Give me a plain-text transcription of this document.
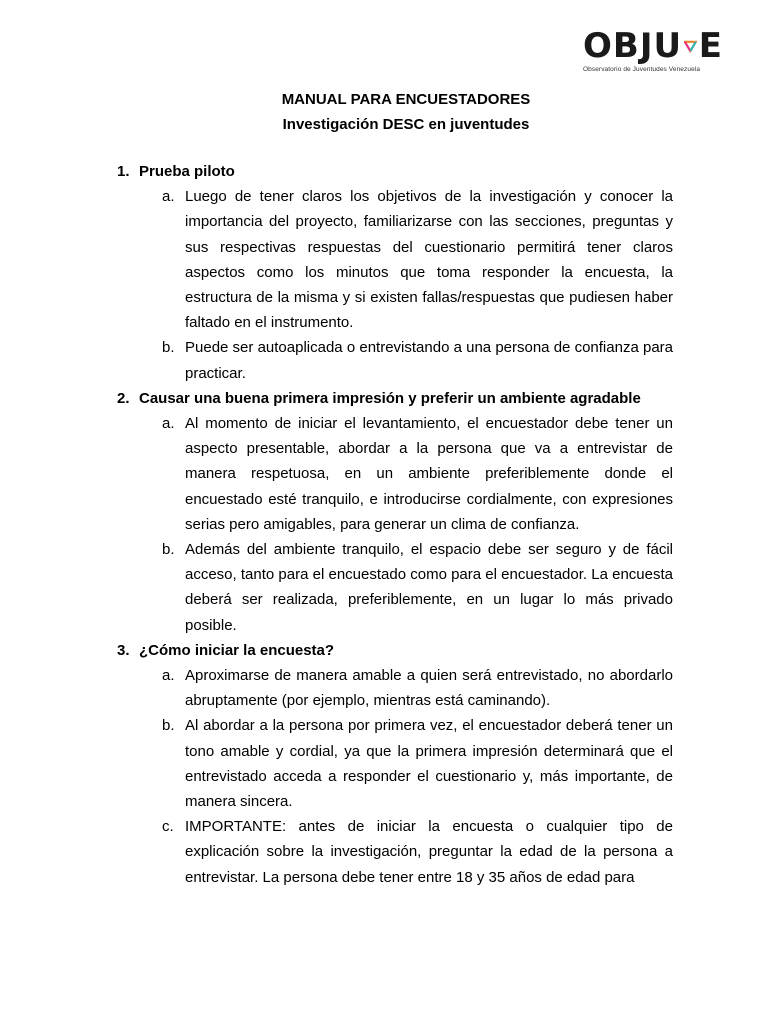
OBJU E
Observatorio de Juventudes Venezuela
MANUAL PARA ENCUESTADORES
Investigación DESC en juventudes
1. Prueba piloto
a. Luego de tener claros los objetivos de la investigación y conocer la importancia del proyecto, familiarizarse con las secciones, preguntas y sus respectivas respuestas del cuestionario permitirá tener claros aspectos como los minutos que toma responder la encuesta, la estructura de la misma y si existen fallas/respuestas que pudiesen haber faltado en el instrumento.
b. Puede ser autoaplicada o entrevistando a una persona de confianza para practicar.
2. Causar una buena primera impresión y preferir un ambiente agradable
a. Al momento de iniciar el levantamiento, el encuestador debe tener un aspecto presentable, abordar a la persona que va a entrevistar de manera respetuosa, en un ambiente preferiblemente donde el encuestado esté tranquilo, e introducirse cordialmente, con expresiones serias pero amigables, para generar un clima de confianza.
b. Además del ambiente tranquilo, el espacio debe ser seguro y de fácil acceso, tanto para el encuestado como para el encuestador. La encuesta deberá ser realizada, preferiblemente, en un lugar lo más privado posible.
3. ¿Cómo iniciar la encuesta?
a. Aproximarse de manera amable a quien será entrevistado, no abordarlo abruptamente (por ejemplo, mientras está caminando).
b. Al abordar a la persona por primera vez, el encuestador deberá tener un tono amable y cordial, ya que la primera impresión determinará que el entrevistado acceda a responder el cuestionario y, más importante, de manera sincera.
c. IMPORTANTE: antes de iniciar la encuesta o cualquier tipo de explicación sobre la investigación, preguntar la edad de la persona a entrevistar. La persona debe tener entre 18 y 35 años de edad para
